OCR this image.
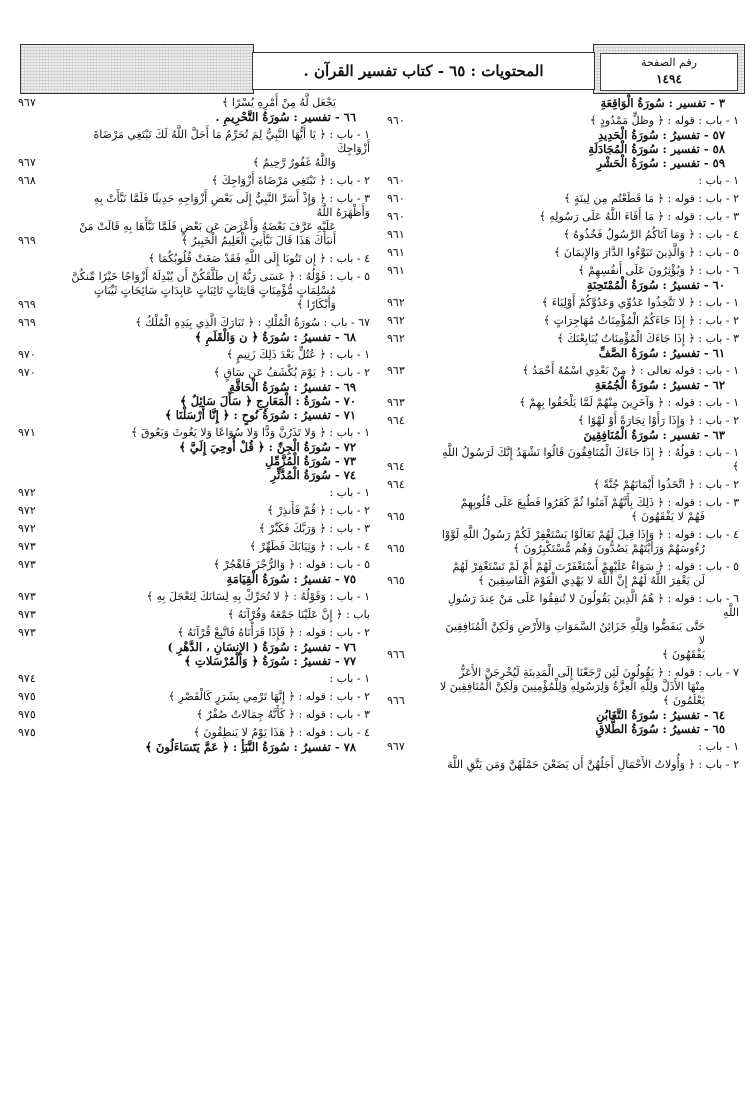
رقم الصفحة
١٤٩٤
المحتويات : ٦٥ - كتاب تفسير القرآن .
٣ - تفسير : سُورَةُ الْوَاقِعَةِ
١ - باب : قوله : ﴿ وظلٍّ مَمْدُودٍ ﴾
٩٦٠
٥٧ - تفسيرُ : سُورَةُ الْحَدِيدِ
٥٨ - تفسير : سُورَةُ الْمُجَادَلَةِ
٥٩ - تفسير : سُورَةُ الْحَشْرِ
١ - باب :
٩٦٠
٢ - باب : قوله : ﴿ مَا قَطَعْتُم مِن لِينَةٍ ﴾
٩٦٠
٣ - باب : قوله : ﴿ مَا أَفَاءَ اللَّهُ عَلَى رَسُولِهِ ﴾
٩٦٠
٤ - باب : ﴿ وَمَا آتَاكُمُ الرَّسُولُ فَخُذُوهُ ﴾
٩٦١
٥ - باب : ﴿ وَالَّذِينَ تَبَوَّءُوا الدَّارَ وَالإِيمَانَ ﴾
٩٦١
٦ - باب : ﴿ وَيُؤْثِرُونَ عَلَى أَنفُسِهِمْ ﴾
٩٦١
٦٠ - تفسيرُ : سُورَةُ الْمُمْتَحِنَةِ
١ - باب : ﴿ لا تَتَّخِذُوا عَدُوِّي وَعَدُوَّكُمْ أَوْلِيَاءَ ﴾
٩٦٢
٢ - باب : ﴿ إِذَا جَاءَكُمُ الْمُؤْمِنَاتُ مُهَاجِرَاتٍ ﴾
٩٦٢
٣ - باب : ﴿ إِذَا جَاءَكَ الْمُؤْمِنَاتُ يُبَايِعْنَكَ ﴾
٩٦٢
٦١ - تفسيرُ : سُورَةُ الصَّفِّ
١ - باب : قوله تعالى : ﴿ مِنْ بَعْدِي اسْمُهُ أَحْمَدُ ﴾
٩٦٣
٦٢ - تفسيرُ : سُورَةُ الْجُمُعَةِ
١ - باب : قوله : ﴿ وَآخَرِينَ مِنْهُمْ لَمَّا يَلْحَقُوا بِهِمْ ﴾
٩٦٣
٢ - باب : ﴿ وَإِذَا رَأَوْا تِجَارَةً أَوْ لَهْوًا ﴾
٩٦٤
٦٣ - تفسير : سُورَةُ الْمُنَافِقِينَ
١ - باب : قولُهُ : ﴿ إِذَا جَاءَكَ الْمُنَافِقُونَ قَالُوا نَشْهَدُ إِنَّكَ لَرَسُولُ اللَّهِ ﴾
٩٦٤
٢ - باب : ﴿ اتَّخَذُوا أَيْمَانَهُمْ جُنَّةً ﴾
٩٦٤
٣ - باب : قوله : ﴿ ذَلِكَ بِأَنَّهُمْ آمَنُوا ثُمَّ كَفَرُوا فَطُبِعَ عَلَى قُلُوبِهِمْ
فَهُمْ لا يَفْقَهُونَ ﴾
٩٦٥
٤ - باب : قوله : ﴿ وَإِذَا قِيلَ لَهُمْ تَعَالَوْا يَسْتَغْفِرْ لَكُمْ رَسُولُ اللَّهِ لَوَّوْا
رُءُوسَهُمْ وَرَأَيْتَهُمْ يَصُدُّونَ وَهُم مُّسْتَكْبِرُونَ ﴾
٩٦٥
٥ - باب : قوله : ﴿ سَوَاءٌ عَلَيْهِمْ أَسْتَغْفَرْتَ لَهُمْ أَمْ لَمْ تَسْتَغْفِرْ لَهُمْ
لَن يَغْفِرَ اللَّهُ لَهُمْ إِنَّ اللَّهَ لا يَهْدِي الْقَوْمَ الْفَاسِقِينَ ﴾
٩٦٥
٦ - باب : قوله : ﴿ هُمُ الَّذِينَ يَقُولُونَ لا تُنفِقُوا عَلَى مَنْ عِندَ رَسُولِ اللَّهِ
حَتَّى يَنفَضُّوا وَلِلَّهِ خَزَائِنُ السَّمَوَاتِ وَالأَرْضِ وَلَكِنَّ الْمُنَافِقِينَ لا
يَفْقَهُونَ ﴾
٩٦٦
٧ - باب : قوله : ﴿ يَقُولُونَ لَئِن رَّجَعْنَا إِلَى الْمَدِينَةِ لَيُخْرِجَنَّ الأَعَزُّ
مِنْهَا الأَذَلَّ وَلِلَّهِ الْعِزَّةُ وَلِرَسُولِهِ وَلِلْمُؤْمِنِينَ وَلَكِنَّ الْمُنَافِقِينَ لا
يَعْلَمُونَ ﴾
٩٦٦
٦٤ - تفسيرُ : سُورَةُ التَّغَابُنِ
٦٥ - تفسيرُ : سُورَةُ الطَّلاقِ
١ - باب :
٩٦٧
٢ - باب : ﴿ وَأُولاتُ الأَحْمَالِ أَجَلُهُنَّ أَن يَضَعْنَ حَمْلَهُنَّ وَمَن يَتَّقِ اللَّهَ
يَجْعَل لَّهُ مِنْ أَمْرِهِ يُسْرًا ﴾
٩٦٧
٦٦ - تفسير : سُورَةُ التَّحْرِيمِ .
١ - باب : ﴿ يَا أَيُّهَا النَّبِيُّ لِمَ تُحَرِّمُ مَا أَحَلَّ اللَّهُ لَكَ تَبْتَغِي مَرْضَاةَ أَزْوَاجِكَ
وَاللَّهُ غَفُورٌ رَّحِيمٌ ﴾
٩٦٧
٢ - باب : ﴿ تَبْتَغِي مَرْضَاةَ أَزْوَاجِكَ ﴾
٩٦٨
٣ - باب : ﴿ وَإِذْ أَسَرَّ النَّبِيُّ إِلَى بَعْضِ أَزْوَاجِهِ حَدِيثًا فَلَمَّا نَبَّأَتْ بِهِ وَأَظْهَرَهُ اللَّهُ
عَلَيْهِ عَرَّفَ بَعْضَهُ وَأَعْرَضَ عَن بَعْضٍ فَلَمَّا نَبَّأَهَا بِهِ قَالَتْ مَنْ
أَنبَأَكَ هَذَا قَالَ نَبَّأَنِيَ الْعَلِيمُ الْخَبِيرُ ﴾
٩٦٩
٤ - باب : ﴿ إِن تَتُوبَا إِلَى اللَّهِ فَقَدْ صَغَتْ قُلُوبُكُمَا ﴾
٥ - باب : قَوْلُهُ : ﴿ عَسَى رَبُّهُ إِن طَلَّقَكُنَّ أَن يُبْدِلَهُ أَزْوَاجًا خَيْرًا مِّنكُنَّ
مُسْلِمَاتٍ مُّؤْمِنَاتٍ قَانِتَاتٍ تَائِبَاتٍ عَابِدَاتٍ سَائِحَاتٍ ثَيِّبَاتٍ
وَأَبْكَارًا ﴾
٩٦٩
٦٧ - باب : سُورَةُ الْمُلْكِ : ﴿ تَبَارَكَ الَّذِي بِيَدِهِ الْمُلْكُ ﴾
٩٦٩
٦٨ - تفسيرُ : سُورَةُ ﴿ ن وَالْقَلَمِ ﴾
١ - باب : ﴿ عُتُلٍّ بَعْدَ ذَلِكَ زَنِيمٍ ﴾
٩٧٠
٢ - باب : ﴿ يَوْمَ يُكْشَفُ عَن سَاقٍ ﴾
٩٧٠
٦٩ - تفسيرُ : سُورَةُ الْحَاقَّةِ
٧٠ - سُورَةُ : الْمَعَارِجِ ﴿ سَأَلَ سَائِلٌ ﴾
٧١ - تفسيرُ : سُورَةُ نُوحٍ : ﴿ إِنَّا أَرْسَلْنَا ﴾
١ - باب : ﴿ وَلا تَذَرُنَّ وَدًّا وَلا سُوَاعًا وَلا يَغُوثَ وَيَعُوقَ ﴾
٩٧١
٧٢ - سُورَةُ الْجِنِّ : ﴿ قُلْ أُوحِيَ إِلَيَّ ﴾
٧٣ - سُورَةُ الْمُزَّمِّلِ
٧٤ - سُورَةُ الْمُدَّثِّرِ
١ - باب :
٩٧٢
٢ - باب : ﴿ قُمْ فَأَنذِرْ ﴾
٩٧٢
٣ - باب : ﴿ وَرَبَّكَ فَكَبِّرْ ﴾
٩٧٢
٤ - باب : ﴿ وَثِيَابَكَ فَطَهِّرْ ﴾
٩٧٣
٥ - باب : قوله : ﴿ وَالرُّجْزَ فَاهْجُرْ ﴾
٩٧٣
٧٥ - تفسيرُ : سُورَةُ الْقِيَامَةِ
١ - باب : وَقَوْلُهُ : ﴿ لا تُحَرِّكْ بِهِ لِسَانَكَ لِتَعْجَلَ بِهِ ﴾
٩٧٣
باب : ﴿ إِنَّ عَلَيْنَا جَمْعَهُ وَقُرْآنَهُ ﴾
٩٧٣
٢ - باب : قوله : ﴿ فَإِذَا قَرَأْنَاهُ فَاتَّبِعْ قُرْآنَهُ ﴾
٩٧٣
٧٦ - تفسيرُ : سُورَةُ ( الإِنسَانِ ، الدَّهْرِ )
٧٧ - تفسيرُ : سُورَةُ ﴿ وَالْمُرْسَلاتِ ﴾
١ - باب :
٩٧٤
٢ - باب : قوله : ﴿ إِنَّهَا تَرْمِي بِشَرَرٍ كَالْقَصْرِ ﴾
٩٧٥
٣ - باب : قوله : ﴿ كَأَنَّهُ جِمَالاتٌ صُفْرٌ ﴾
٩٧٥
٤ - باب : قوله : ﴿ هَذَا يَوْمُ لا يَنطِقُونَ ﴾
٩٧٥
٧٨ - تفسيرُ : سُورَةُ النَّبَأِ : ﴿ عَمَّ يَتَسَاءَلُونَ ﴾
